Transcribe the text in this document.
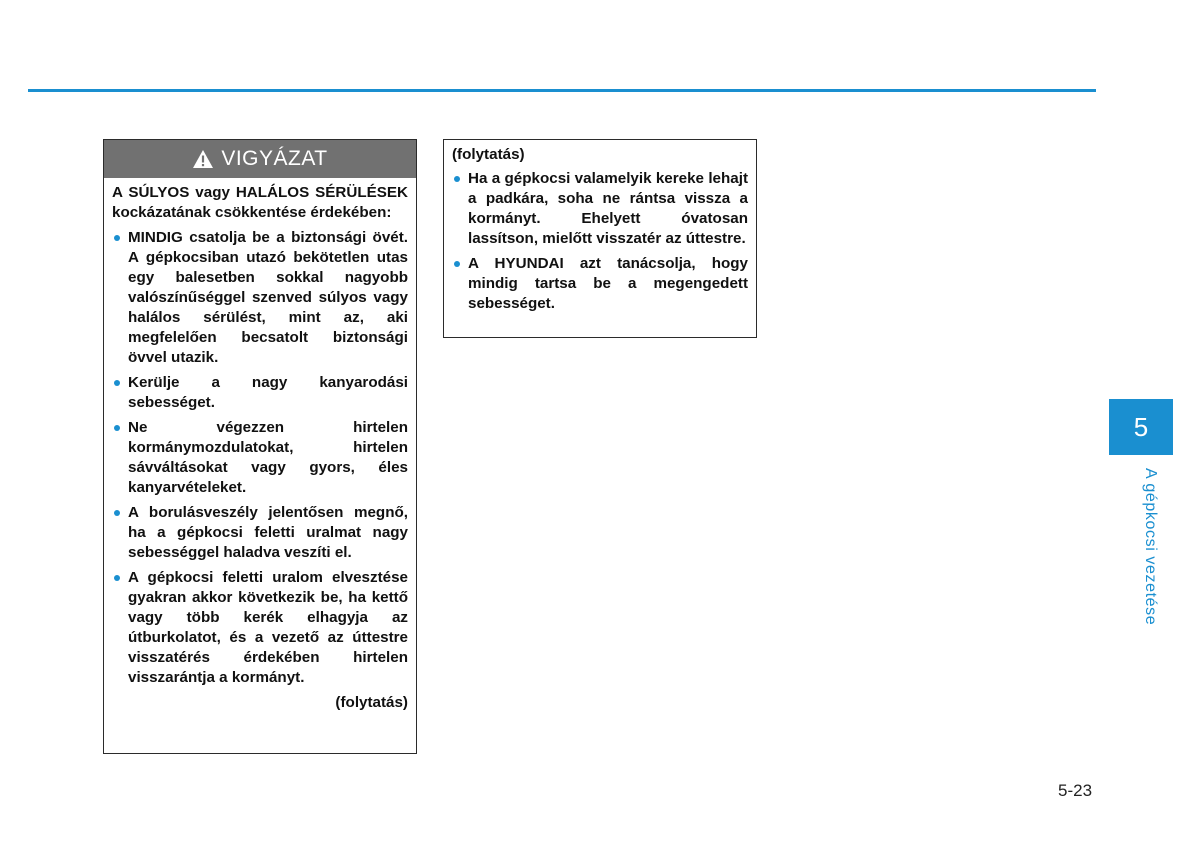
VIGYÁZAT

A SÚLYOS vagy HALÁLOS SÉRÜLÉSEK kockázatának csökkentése érdekében:

MINDIG csatolja be a biztonsági övét. A gépkocsiban utazó bekötetlen utas egy balesetben sokkal nagyobb valószínűséggel szenved súlyos vagy halálos sérülést, mint az, aki megfelelően becsatolt biztonsági övvel utazik.
Kerülje a nagy kanyarodási sebességet.
Ne végezzen hirtelen kormánymozdulatokat, hirtelen sávváltásokat vagy gyors, éles kanyarvételeket.
A borulásveszély jelentősen megnő, ha a gépkocsi feletti uralmat nagy sebességgel haladva veszíti el.
A gépkocsi feletti uralom elvesztése gyakran akkor következik be, ha kettő vagy több kerék elhagyja az útburkolatot, és a vezető az úttestre visszatérés érdekében hirtelen visszarántja a kormányt.
(folytatás)

(folytatás)

Ha a gépkocsi valamelyik kereke lehajt a padkára, soha ne rántsa vissza a kormányt. Ehelyett óvatosan lassítson, mielőtt visszatér az úttestre.
A HYUNDAI azt tanácsolja, hogy mindig tartsa be a megengedett sebességet.
5
A gépkocsi vezetése
5-23
